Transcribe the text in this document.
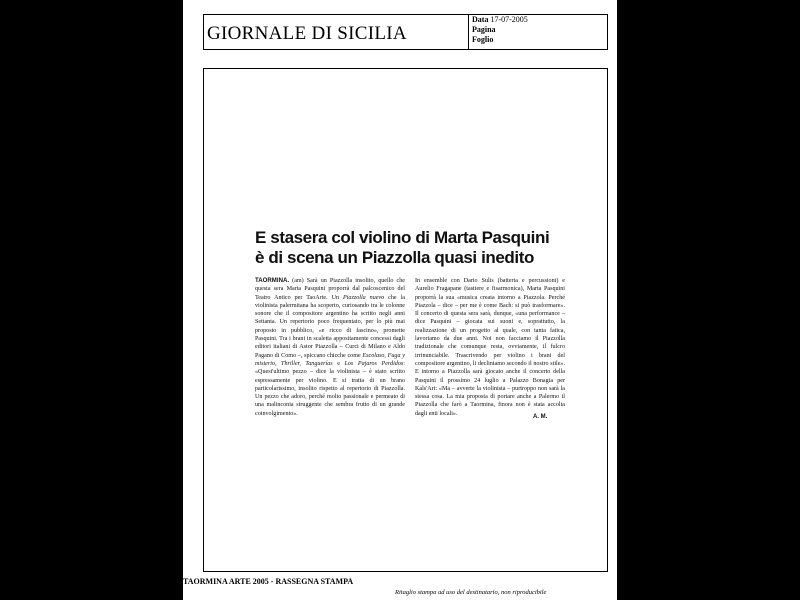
GIORNALE DI SICILIA
Data 17-07-2005
Pagina
Foglio
E stasera col violino di Marta Pasquini
è di scena un Piazzolla quasi inedito
TAORMINA. (am) Sarà un Piazzolla insolito, quello che questa sera Marta Pasquini proporrà dal palcoscenico del Teatro Antico per TaoArte. Un Piazzolla nuevo che la violinista palermitana ha scoperto, curiosando tra le colonne sonore che il compositore argentino ha scritto negli anni Settanta. Un repertorio poco frequentato, per lo più mai proposto in pubblico, «e ricco di fascino», promette Pasquini. Tra i brani in scaletta appositamente concessi dagli editori italiani di Astor Piazzolla – Curci di Milano e Aldo Pagano di Como –, spiccano chicche come Escolaso, Fuga y misterio, Thriller, Tanguerías e Los Pajaros Perdidos: «Quest'ultimo pezzo – dice la violinista – è stato scritto espressamente per violino. E si tratta di un brano particolarissimo, insolito rispetto al repertorio di Piazzolla. Un pezzo che adoro, perché molto passionale e permeato di una malinconia struggente che sembra frutto di un grande coinvolgimento».
In ensemble con Dario Sulis (batteria e percussioni) e Aurelio Fragapane (tastiere e fisarmonica), Marta Pasquini proporrà la sua «musica creata intorno a Piazzola. Perché Piazzola – dice – per me è come Bach: si può trasformare». Il concerto di questa sera sarà, dunque, «una performance – dice Pasquini – giocata sui suoni e, soprattutto, la realizzazione di un progetto al quale, con tanta fatica, lavoriamo da due anni. Noi non facciamo il Piazzolla tradizionale che comunque resta, ovviamente, il fulcro irrinunciabile. Trascrivendo per violino i brani del compositore argentino, li decliniamo secondo il nostro stile». E intorno a Piazzolla sarà giocato anche il concerto della Pasquini il prossimo 24 luglio a Palazzo Bonagia per Kals'Art: «Ma – avverte la violinista – purtroppo non sarà la stessa cosa. La mia proposta di portare anche a Palermo il Piazzolla che farò a Taormina, finora non è stata accolta dagli enti locali».
A. M.
TAORMINA ARTE 2005 - RASSEGNA STAMPA
Ritaglio stampa ad uso del destinatario, non riproducibile
